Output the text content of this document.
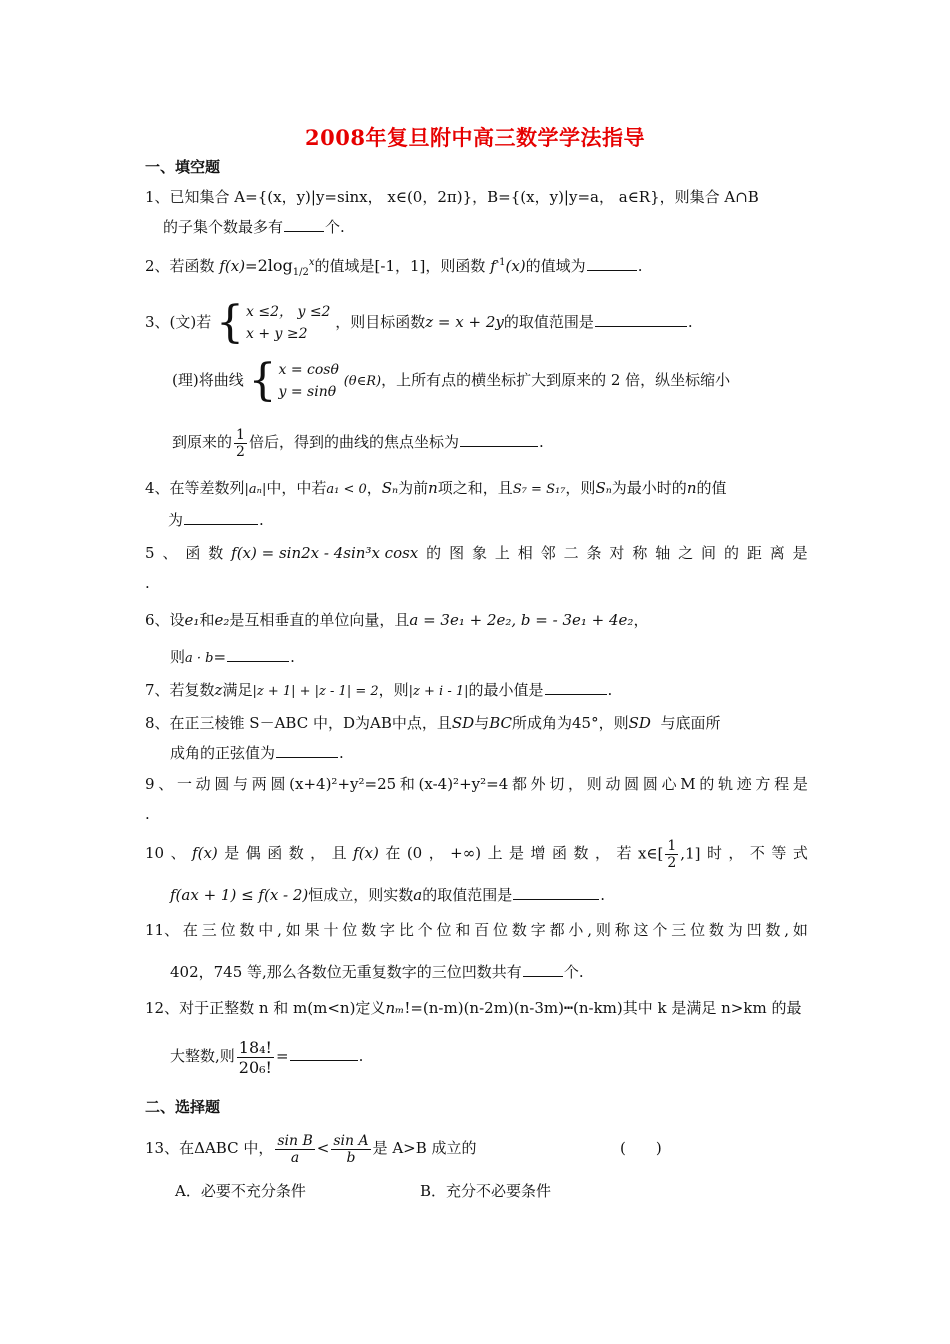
2008年复旦附中高三数学学法指导
一、填空题
1、已知集合 A={(x，y)|y=sinx， x∈(0，2π)}，B={(x，y)|y=a， a∈R}，则集合 A∩B
的子集个数最多有	个.
2、若函数 $f(x)=2\log_{1/2}^x$的值域是[-1，1]，则函数 $f^{-1}(x)$的值域为	.
3、(文)若 { x ≤2， y ≤2
x + y ≥2
，则目标函数z = x + 2y的取值范围是	.
(理)将曲线 { x = cosθ
y = sinθ
(θ∈R)，上所有点的横坐标扩大到原来的 2 倍，纵坐标缩小
到原来的 $\frac{1}{2}$ 倍后，得到的曲线的焦点坐标为	.
4、在等差数列|aₙ|中，中若a₁ < 0，Sₙ为前n项之和，且S₇ = S₁₇，则Sₙ为最小时的n的值
为	.
5 、 函 数 f(x) = sin2x - 4sin³x cosx 的 图 象 上 相 邻 二 条 对 称 轴 之 间 的 距 离 是
.
6、设e₁和e₂是互相垂直的单位向量，且a = 3e₁ + 2e₂, b = - 3e₁ + 4e₂，
则a · b=	.
7、若复数z满足|z + 1| + |z - 1| = 2，则|z + i - 1|的最小值是	.
8、在正三棱锥 S－ABC 中，D为AB中点，且SD与BC所成角为45°，则SD 与底面所
成角的正弦值为	.
9 、 一 动 圆 与 两 圆 (x+4)²+y²=25 和 (x-4)²+y²=4 都 外 切 ， 则 动 圆 圆 心 M 的 轨 迹 方 程 是
.
10 、 f(x) 是 偶 函 数 ， 且 f(x) 在 (0 ， +∞) 上 是 增 函 数 ， 若 x∈[ $\frac{1}{2} ,1$] 时 ， 不 等 式
f(ax + 1) ≤ f(x - 2)恒成立，则实数a的取值范围是	.
11、 在 三 位 数 中 , 如 果 十 位 数 字 比 个 位 和 百 位 数 字 都 小 , 则 称 这 个 三 位 数 为 凹 数 , 如
402，745 等,那么各数位无重复数字的三位凹数共有	个.
12、对于正整数 n 和 m(m<n)定义nₘ!=(n-m)(n-2m)(n-3m)┅(n-km)其中 k 是满足 n>km 的最
大整数,则 $\frac{\text{18₄!}}{\text{20₆!}}$ =	.
二、选择题
13、在ΔABC 中， $\frac{\text{sin B}}{a} < \frac{\text{sin A}}{b}$ 是 A>B 成立的	(　　)
A．必要不充分条件	B．充分不必要条件
